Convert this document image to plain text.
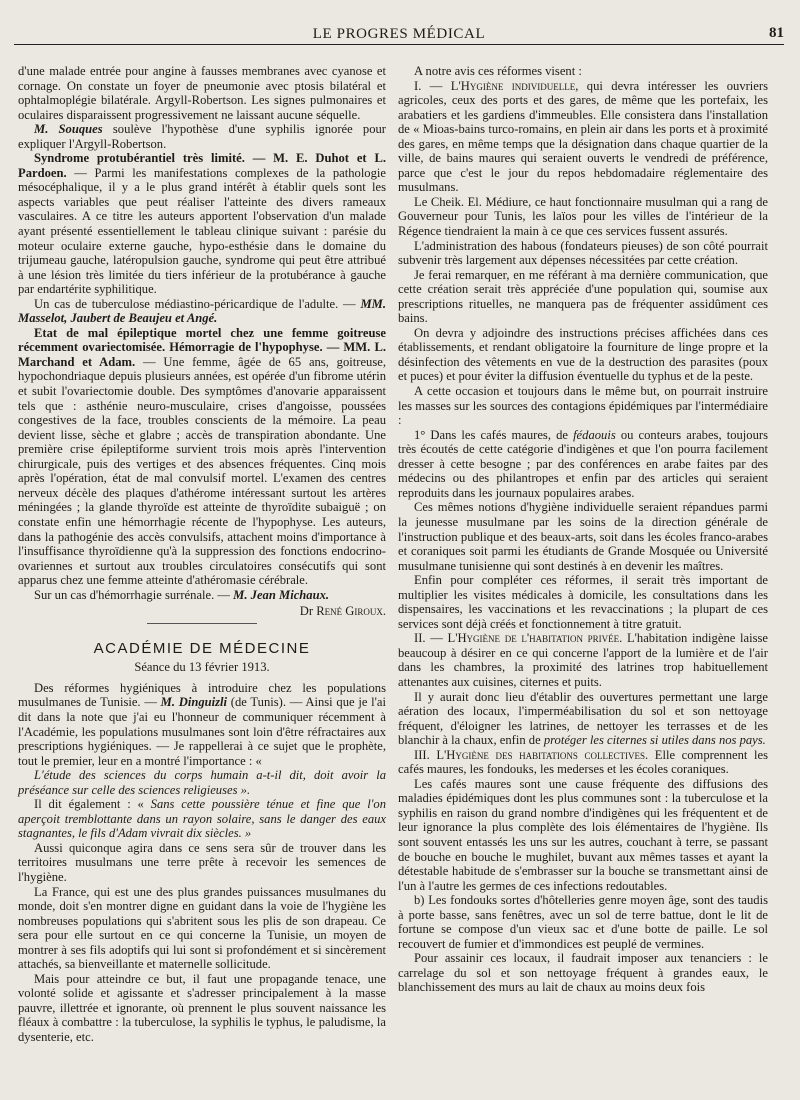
LE PROGRES MÉDICAL	81

d'une malade entrée pour angine à fausses membranes avec cyanose et cornage. On constate un foyer de pneumonie avec ptosis bilatéral et ophtalmoplégie bilatérale. Argyll-Robertson. Les signes pulmonaires et oculaires disparaissent progressivement ne laissant aucune séquelle.

M. Souques soulève l'hypothèse d'une syphilis ignorée pour expliquer l'Argyll-Robertson.

Syndrome protubérantiel très limité. — M. E. Duhot et L. Pardoen. — Parmi les manifestations complexes de la pathologie mésocéphalique, il y a le plus grand intérêt à établir quels sont les aspects variables que peut réaliser l'atteinte des divers rameaux vasculaires. A ce titre les auteurs apportent l'observation d'un malade ayant présenté essentiellement le tableau clinique suivant : parésie du moteur oculaire externe gauche, hypo-esthésie dans le domaine du trijumeau gauche, latéropulsion gauche, syndrome qui peut être attribué à une lésion très limitée du tiers inférieur de la protubérance à gauche par endartérite syphilitique.

Un cas de tuberculose médiastino-péricardique de l'adulte. — MM. Masselot, Jaubert de Beaujeu et Angé.

Etat de mal épileptique mortel chez une femme goitreuse récemment ovariectomisée. Hémorragie de l'hypophyse. — MM. L. Marchand et Adam. — Une femme, âgée de 65 ans, goitreuse, hypochondriaque depuis plusieurs années, est opérée d'un fibrome utérin et subit l'ovariectomie double. Des symptômes d'anovarie apparaissent tels que : asthénie neuro-musculaire, crises d'angoisse, poussées congestives de la face, troubles conscients de la mémoire. La peau devient lisse, sèche et glabre ; accès de transpiration abondante. Une première crise épileptiforme survient trois mois après l'intervention chirurgicale, puis des vertiges et des absences fréquentes. Cinq mois après l'opération, état de mal convulsif mortel. L'examen des centres nerveux décèle des plaques d'athérome intéressant surtout les artères méningées ; la glande thyroïde est atteinte de thyroïdite subaiguë ; on constate enfin une hémorrhagie récente de l'hypophyse. Les auteurs, dans la pathogénie des accès convulsifs, attachent moins d'importance à l'insuffisance thyroïdienne qu'à la suppression des fonctions endocrino-ovariennes et surtout aux troubles circulatoires consécutifs qui sont apparus chez une femme atteinte d'athéromasie cérébrale.

Sur un cas d'hémorrhagie surrénale. — M. Jean Michaux.

Dr René Giroux.

ACADÉMIE DE MÉDECINE
Séance du 13 février 1913.

Des réformes hygiéniques à introduire chez les populations musulmanes de Tunisie. — M. Dinguizli (de Tunis). — Ainsi que je l'ai dit dans la note que j'ai eu l'honneur de communiquer récemment à l'Académie, les populations musulmanes sont loin d'être réfractaires aux prescriptions hygiéniques. — Je rappellerai à ce sujet que le prophète, tout le premier, leur en a montré l'importance : «

L'étude des sciences du corps humain a-t-il dit, doit avoir la préséance sur celle des sciences religieuses ».

Il dit également : « Sans cette poussière ténue et fine que l'on aperçoit tremblottante dans un rayon solaire, sans le danger des eaux stagnantes, le fils d'Adam vivrait dix siècles. »

Aussi quiconque agira dans ce sens sera sûr de trouver dans les territoires musulmans une terre prête à recevoir les semences de l'hygiène.

La France, qui est une des plus grandes puissances musulmanes du monde, doit s'en montrer digne en guidant dans la voie de l'hygiène les nombreuses populations qui s'abritent sous les plis de son drapeau. Ce sera pour elle surtout en ce qui concerne la Tunisie, un moyen de montrer à ses fils adoptifs qui lui sont si profondément et si sincèrement attachés, sa bienveillante et maternelle sollicitude.

Mais pour atteindre ce but, il faut une propagande tenace, une volonté solide et agissante et s'adresser principalement à la masse pauvre, illettrée et ignorante, où prennent le plus souvent naissance les fléaux à combattre : la tuberculose, la syphilis le typhus, le paludisme, la dysenterie, etc.

A notre avis ces réformes visent :

I. — L'Hygiène individuelle, qui devra intéresser les ouvriers agricoles, ceux des ports et des gares, de même que les portefaix, les arabatiers et les gardiens d'immeubles. Elle consistera dans l'installation de « Mioas-bains turco-romains, en plein air dans les ports et à proximité des gares, en même temps que la désignation dans chaque quartier de la ville, de bains maures qui seraient ouverts le vendredi de préférence, parce que c'est le jour du repos hebdomadaire réglementaire des musulmans.

Le Cheik. El. Médiure, ce haut fonctionnaire musulman qui a rang de Gouverneur pour Tunis, les laïos pour les villes de l'intérieur de la Régence tiendraient la main à ce que ces services fussent assurés.

L'administration des habous (fondateurs pieuses) de son côté pourrait subvenir très largement aux dépenses nécessitées par cette création.

Je ferai remarquer, en me référant à ma dernière communication, que cette création serait très appréciée d'une population qui, soumise aux prescriptions rituelles, ne manquera pas de fréquenter assidûment ces bains.

On devra y adjoindre des instructions précises affichées dans ces établissements, et rendant obligatoire la fourniture de linge propre et la désinfection des vêtements en vue de la destruction des parasites (poux et puces) et pour éviter la diffusion éventuelle du typhus et de la peste.

A cette occasion et toujours dans le même but, on pourrait instruire les masses sur les sources des contagions épidémiques par l'intermédiaire :

1° Dans les cafés maures, de fédaouis ou conteurs arabes, toujours très écoutés de cette catégorie d'indigènes et que l'on pourra facilement dresser à cette besogne ; par des conférences en arabe faites par des médecins ou des philantropes et enfin par des articles qui seraient reproduits dans les journaux populaires arabes.

Ces mêmes notions d'hygiène individuelle seraient répandues parmi la jeunesse musulmane par les soins de la direction générale de l'instruction publique et des beaux-arts, soit dans les écoles franco-arabes et coraniques soit parmi les étudiants de Grande Mosquée ou Université musulmane tunisienne qui sont destinés à en devenir les maîtres.

Enfin pour compléter ces réformes, il serait très important de multiplier les visites médicales à domicile, les consultations dans les dispensaires, les vaccinations et les revaccinations ; la plupart de ces services sont déjà créés et fonctionnement à titre gratuit.

II. — L'Hygiène de l'habitation privée. L'habitation indigène laisse beaucoup à désirer en ce qui concerne l'apport de la lumière et de l'air dans les chambres, la proximité des latrines trop habituellement attenantes aux cuisines, citernes et puits.

Il y aurait donc lieu d'établir des ouvertures permettant une large aération des locaux, l'imperméabilisation du sol et son nettoyage fréquent, d'éloigner les latrines, de nettoyer les terrasses et de les blanchir à la chaux, enfin de protéger les citernes si utiles dans nos pays.

III. L'Hygiène des habitations collectives. Elle comprennent les cafés maures, les fondouks, les mederses et les écoles coraniques.

Les cafés maures sont une cause fréquente des diffusions des maladies épidémiques dont les plus communes sont : la tuberculose et la syphilis en raison du grand nombre d'indigènes qui les fréquentent et de leur ignorance la plus complète des lois élémentaires de l'hygiène. Ils sont souvent entassés les uns sur les autres, couchant à terre, se passant de bouche en bouche le mughilet, buvant aux mêmes tasses et ayant la détestable habitude de s'embrasser sur la bouche se transmettant ainsi de l'un à l'autre les germes de ces infections redoutables.

b) Les fondouks sortes d'hôtelleries genre moyen âge, sont des taudis à porte basse, sans fenêtres, avec un sol de terre battue, dont le lit de fortune se compose d'un vieux sac et d'une botte de paille. Le sol recouvert de fumier et d'immondices est peuplé de vermines.

Pour assainir ces locaux, il faudrait imposer aux tenanciers : le carrelage du sol et son nettoyage fréquent à grandes eaux, le blanchissement des murs au lait de chaux au moins deux fois
